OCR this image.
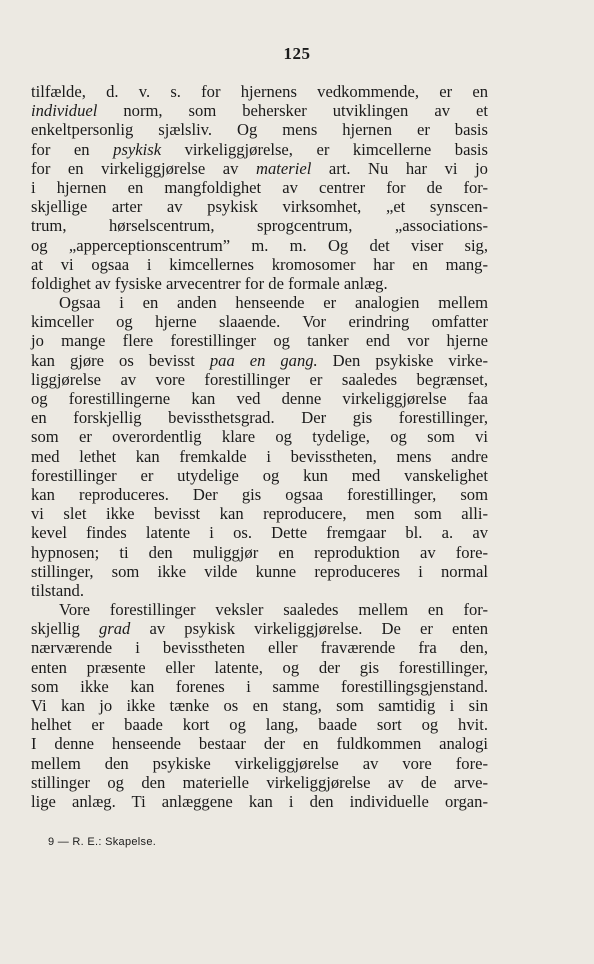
125
tilfælde, d. v. s. for hjernens vedkommende, er en
individuel norm, som behersker utviklingen av et
enkeltpersonlig sjælsliv. Og mens hjernen er basis
for en psykisk virkeliggjørelse, er kimcellerne basis
for en virkeliggjørelse av materiel art. Nu har vi jo
i hjernen en mangfoldighet av centrer for de for-
skjellige arter av psykisk virksomhet, „et synscen-
trum, hørselscentrum, sprogcentrum, „associations-
og „apperceptionscentrum” m. m. Og det viser sig,
at vi ogsaa i kimcellernes kromosomer har en mang-
foldighet av fysiske arvecentrer for de formale anlæg.
Ogsaa i en anden henseende er analogien mellem
kimceller og hjerne slaaende. Vor erindring omfatter
jo mange flere forestillinger og tanker end vor hjerne
kan gjøre os bevisst paa en gang. Den psykiske virke-
liggjørelse av vore forestillinger er saaledes begrænset,
og forestillingerne kan ved denne virkeliggjørelse faa
en forskjellig bevissthetsgrad. Der gis forestillinger,
som er overordentlig klare og tydelige, og som vi
med lethet kan fremkalde i bevisstheten, mens andre
forestillinger er utydelige og kun med vanskelighet
kan reproduceres. Der gis ogsaa forestillinger, som
vi slet ikke bevisst kan reproducere, men som alli-
kevel findes latente i os. Dette fremgaar bl. a. av
hypnosen; ti den muliggjør en reproduktion av fore-
stillinger, som ikke vilde kunne reproduceres i normal
tilstand.
Vore forestillinger veksler saaledes mellem en for-
skjellig grad av psykisk virkeliggjørelse. De er enten
nærværende i bevisstheten eller fraværende fra den,
enten præsente eller latente, og der gis forestillinger,
som ikke kan forenes i samme forestillingsgjenstand.
Vi kan jo ikke tænke os en stang, som samtidig i sin
helhet er baade kort og lang, baade sort og hvit.
I denne henseende bestaar der en fuldkommen analogi
mellem den psykiske virkeliggjørelse av vore fore-
stillinger og den materielle virkeliggjørelse av de arve-
lige anlæg. Ti anlæggene kan i den individuelle organ-
9 — R. E.: Skapelse.
